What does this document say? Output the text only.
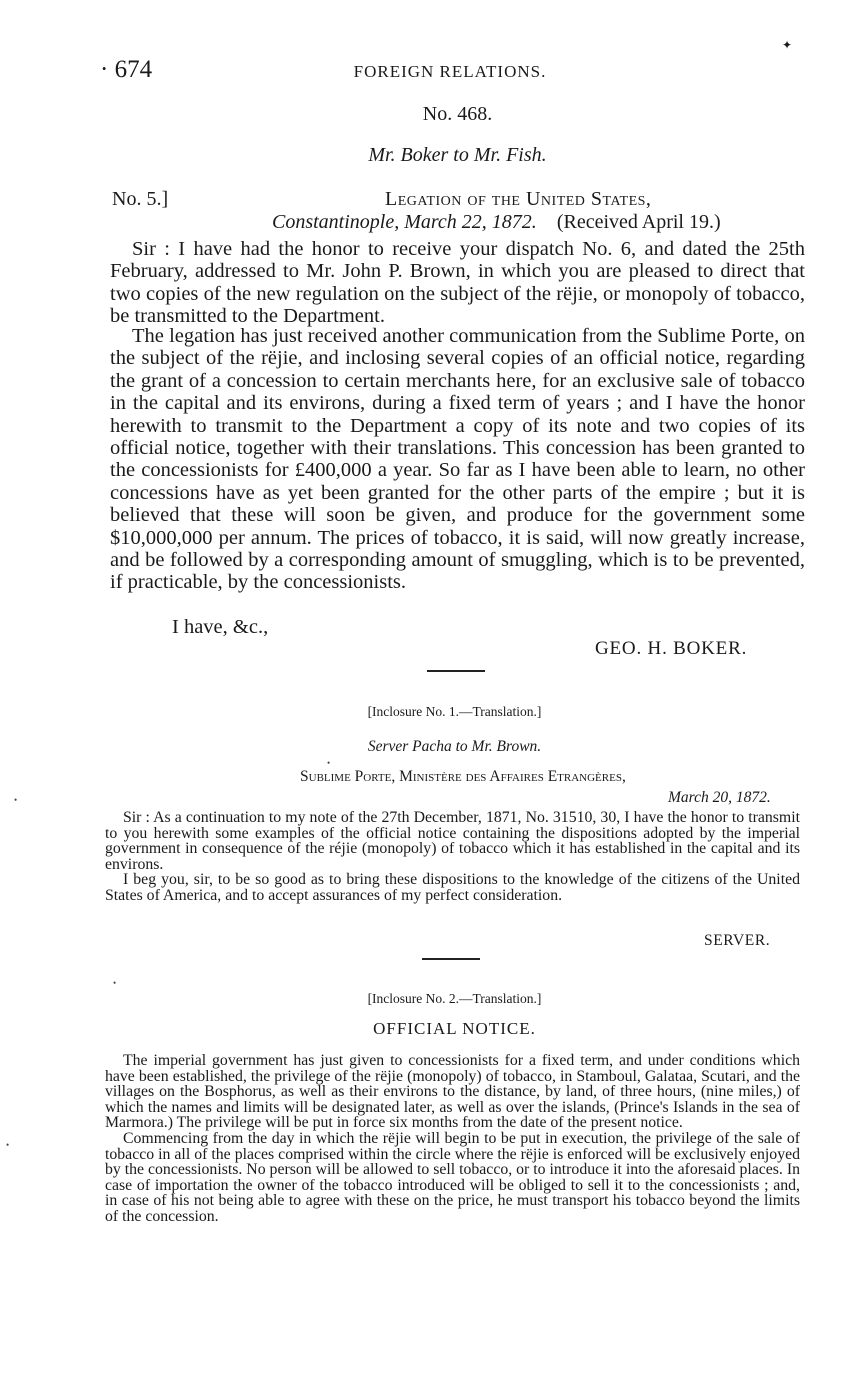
· 674	FOREIGN RELATIONS.
✦
No. 468.
Mr. Boker to Mr. Fish.
No. 5.]	Legation of the United States,
Constantinople, March 22, 1872. (Received April 19.)

Sir : I have had the honor to receive your dispatch No. 6, and dated the 25th February, addressed to Mr. John P. Brown, in which you are pleased to direct that two copies of the new regulation on the subject of the rëjie, or monopoly of tobacco, be transmitted to the Department.

The legation has just received another communication from the Sublime Porte, on the subject of the rëjie, and inclosing several copies of an official notice, regarding the grant of a concession to certain merchants here, for an exclusive sale of tobacco in the capital and its environs, during a fixed term of years ; and I have the honor herewith to transmit to the Department a copy of its note and two copies of its official notice, together with their translations. This concession has been granted to the concessionists for £400,000 a year. So far as I have been able to learn, no other concessions have as yet been granted for the other parts of the empire ; but it is believed that these will soon be given, and produce for the government some $10,000,000 per annum. The prices of tobacco, it is said, will now greatly increase, and be followed by a corresponding amount of smuggling, which is to be prevented, if practicable, by the concessionists.

I have, &c.,
GEO. H. BOKER.
[Inclosure No. 1.—Translation.]
Server Pacha to Mr. Brown.
Sublime Porte, Ministère des Affaires Etrangères,
March 20, 1872.

Sir : As a continuation to my note of the 27th December, 1871, No. 31510, 30, I have the honor to transmit to you herewith some examples of the official notice containing the dispositions adopted by the imperial government in consequence of the réjie (monopoly) of tobacco which it has established in the capital and its environs.

I beg you, sir, to be so good as to bring these dispositions to the knowledge of the citizens of the United States of America, and to accept assurances of my perfect consideration.

SERVER.
[Inclosure No. 2.—Translation.]
OFFICIAL NOTICE.

The imperial government has just given to concessionists for a fixed term, and under conditions which have been established, the privilege of the rëjie (monopoly) of tobacco, in Stamboul, Galataa, Scutari, and the villages on the Bosphorus, as well as their environs to the distance, by land, of three hours, (nine miles,) of which the names and limits will be designated later, as well as over the islands, (Prince's Islands in the sea of Marmora.) The privilege will be put in force six months from the date of the present notice.

Commencing from the day in which the rëjie will begin to be put in execution, the privilege of the sale of tobacco in all of the places comprised within the circle where the rëjie is enforced will be exclusively enjoyed by the concessionists. No person will be allowed to sell tobacco, or to introduce it into the aforesaid places. In case of importation the owner of the tobacco introduced will be obliged to sell it to the concessionists ; and, in case of his not being able to agree with these on the price, he must transport his tobacco beyond the limits of the concession.

•
•
•
•
